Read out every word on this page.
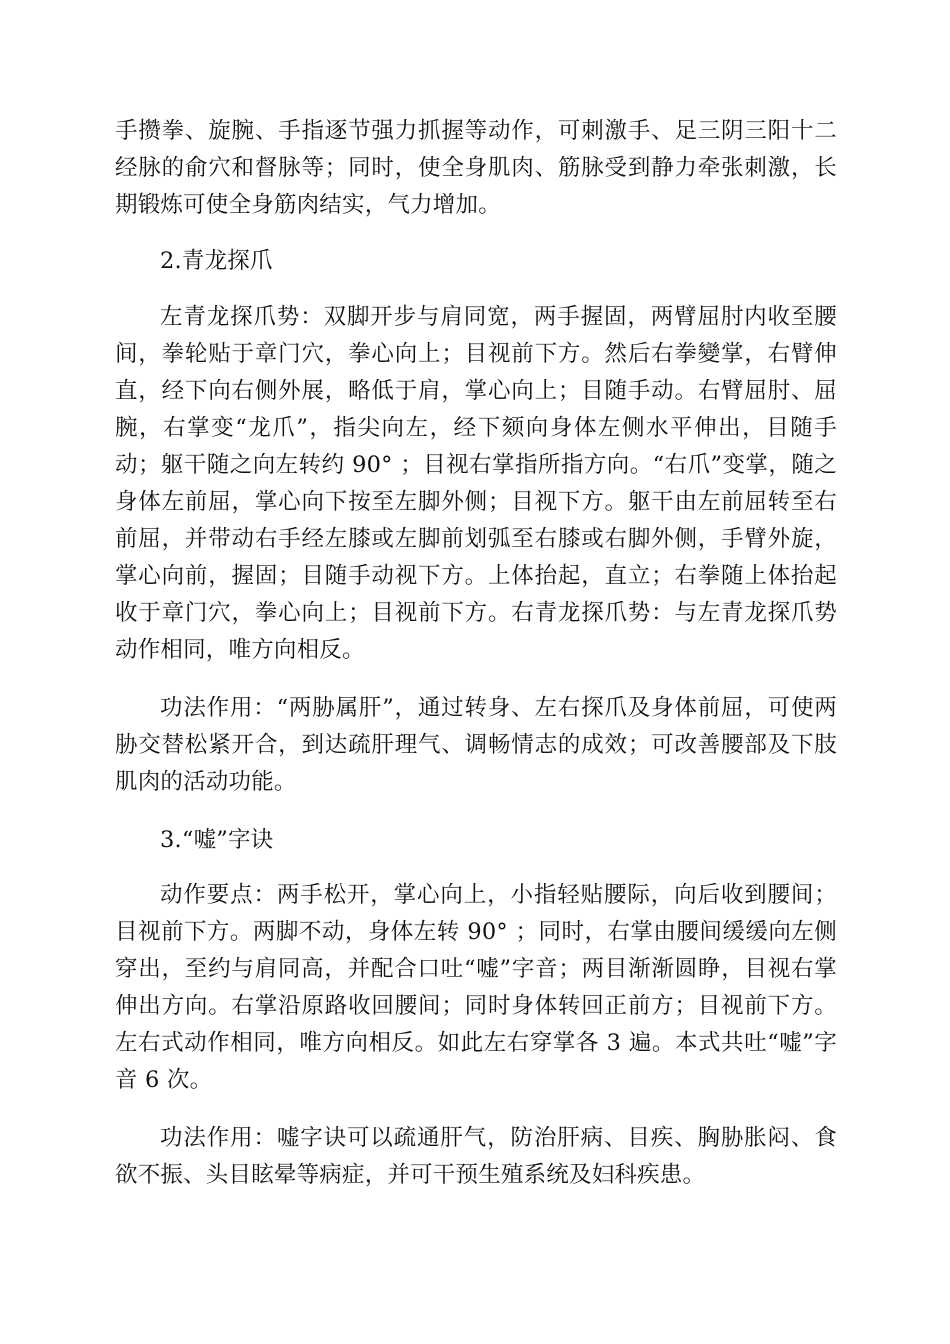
手攒拳、旋腕、手指逐节强力抓握等动作，可刺激手、足三阴三阳十二经脉的俞穴和督脉等；同时，使全身肌肉、筋脉受到静力牵张刺激，长期锻炼可使全身筋肉结实，气力增加。

2.青龙探爪

左青龙探爪势：双脚开步与肩同宽，两手握固，两臂屈肘内收至腰间，拳轮贴于章门穴，拳心向上；目视前下方。然后右拳變掌，右臂伸直，经下向右侧外展，略低于肩，掌心向上；目随手动。右臂屈肘、屈腕，右掌变“龙爪”，指尖向左，经下颏向身体左侧水平伸出，目随手动；躯干随之向左转约 90° ；目视右掌指所指方向。“右爪”变掌，随之身体左前屈，掌心向下按至左脚外侧；目视下方。躯干由左前屈转至右前屈，并带动右手经左膝或左脚前划弧至右膝或右脚外侧，手臂外旋，掌心向前，握固；目随手动视下方。上体抬起，直立；右拳随上体抬起收于章门穴，拳心向上；目视前下方。右青龙探爪势：与左青龙探爪势动作相同，唯方向相反。

功法作用：“两胁属肝”，通过转身、左右探爪及身体前屈，可使两胁交替松紧开合，到达疏肝理气、调畅情志的成效；可改善腰部及下肢肌肉的活动功能。

3.“嘘”字诀

动作要点：两手松开，掌心向上，小指轻贴腰际，向后收到腰间；目视前下方。两脚不动，身体左转 90° ；同时，右掌由腰间缓缓向左侧穿出，至约与肩同高，并配合口吐“嘘”字音；两目渐渐圆睁，目视右掌伸出方向。右掌沿原路收回腰间；同时身体转回正前方；目视前下方。左右式动作相同，唯方向相反。如此左右穿掌各 3 遍。本式共吐“嘘”字音 6 次。

功法作用：嘘字诀可以疏通肝气，防治肝病、目疾、胸胁胀闷、食欲不振、头目眩晕等病症，并可干预生殖系统及妇科疾患。
